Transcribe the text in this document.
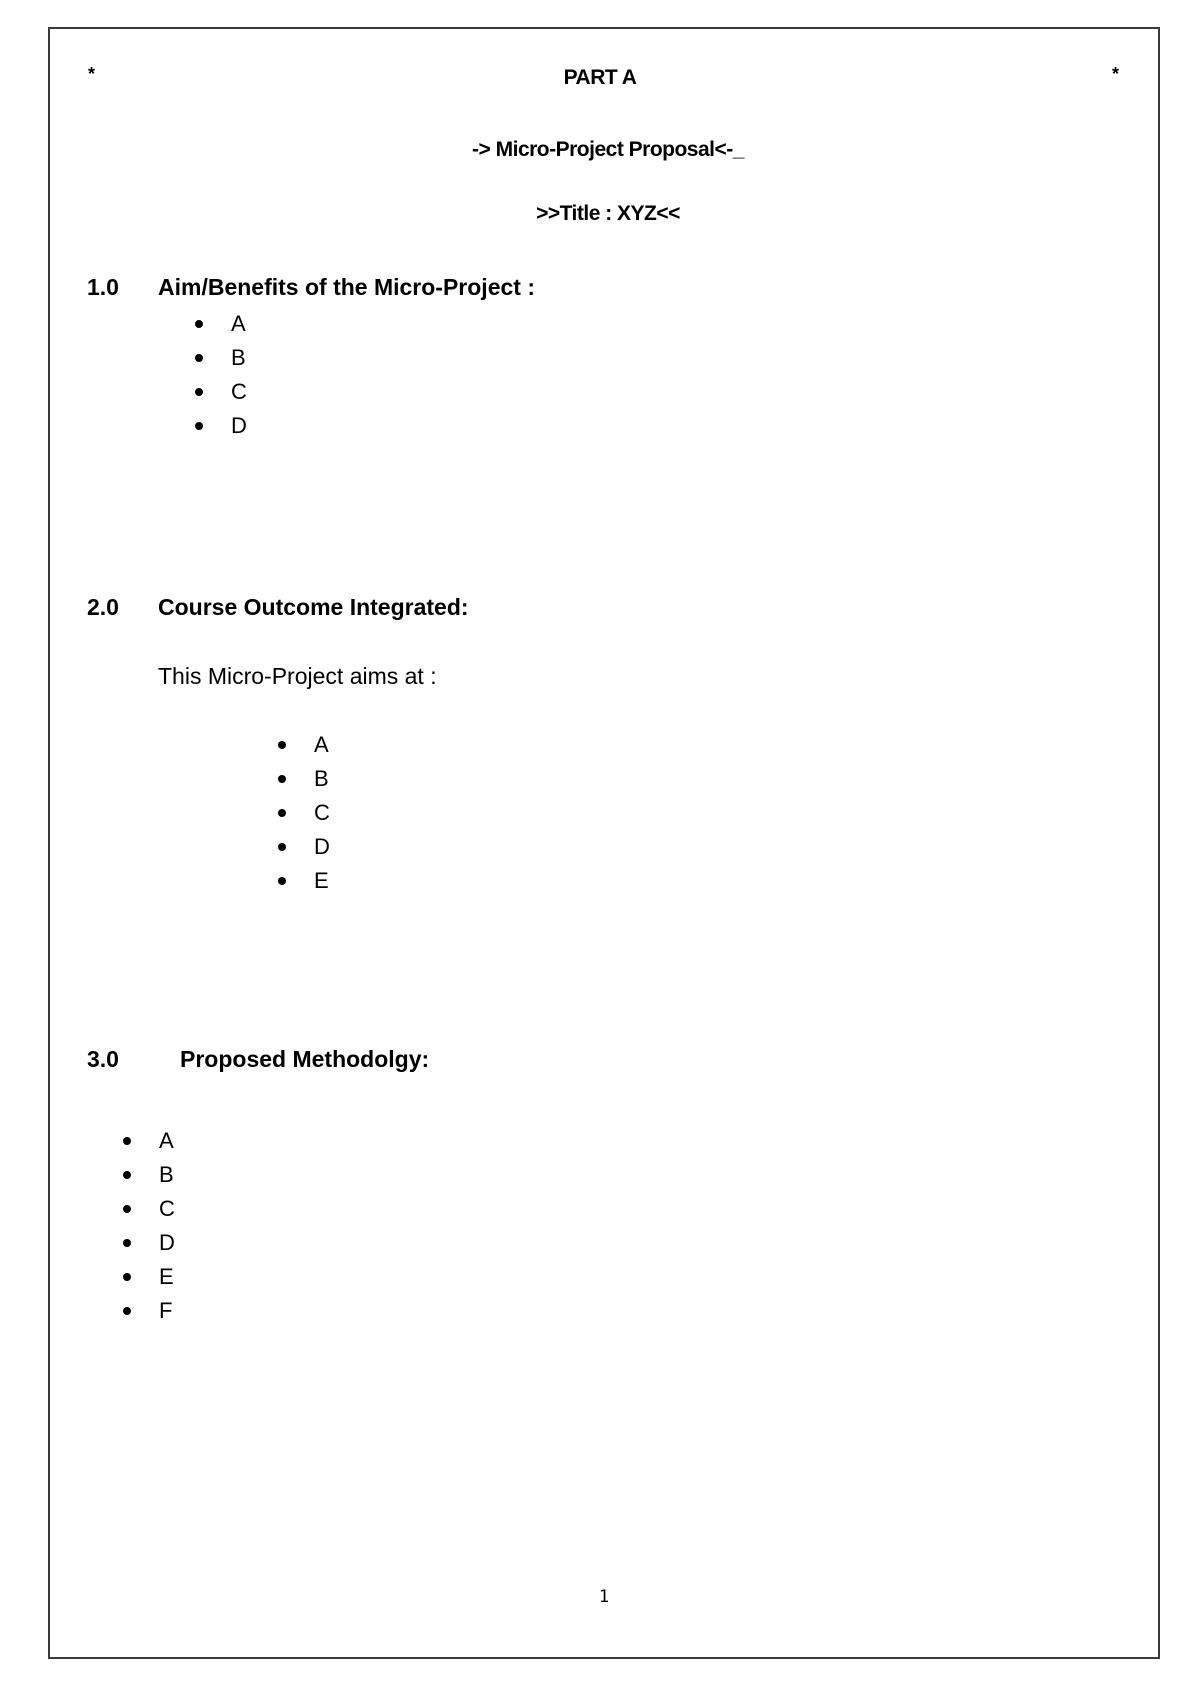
*	*
PART A
-> Micro-Project Proposal<-_
>>Title : XYZ<<
1.0 Aim/Benefits of the Micro-Project :
A
B
C
D
2.0 Course Outcome Integrated:
This Micro-Project aims at :
A
B
C
D
E
3.0	Proposed Methodolgy:
A
B
C
D
E
F
1
